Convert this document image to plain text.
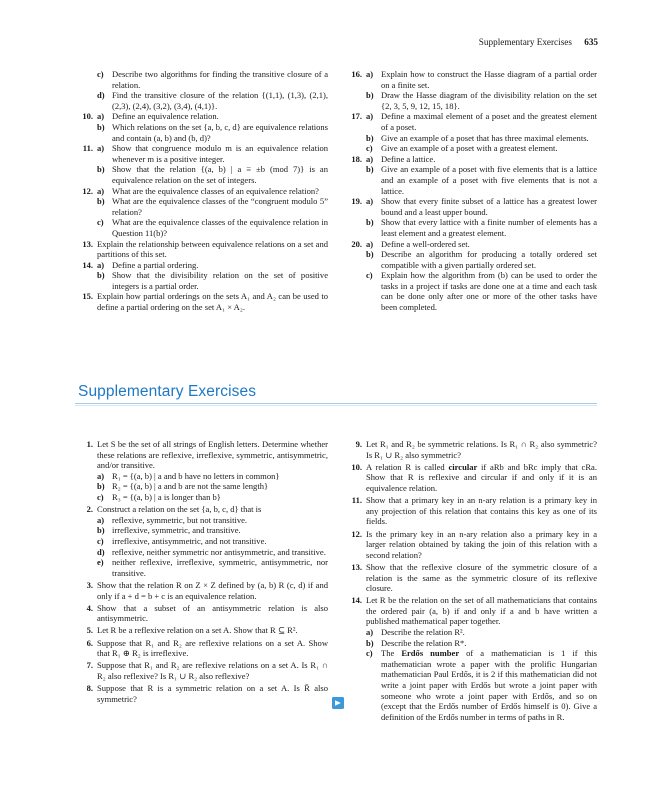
Supplementary Exercises 635
c) Describe two algorithms for finding the transitive closure of a relation.
d) Find the transitive closure of the relation {(1,1), (1,3), (2,1), (2,3), (2,4), (3,2), (3,4), (4,1)}.
10. a) Define an equivalence relation.
b) Which relations on the set {a, b, c, d} are equivalence relations and contain (a, b) and (b, d)?
11. a) Show that congruence modulo m is an equivalence relation whenever m is a positive integer.
b) Show that the relation {(a, b) | a ≡ ±b (mod 7)} is an equivalence relation on the set of integers.
12. a) What are the equivalence classes of an equivalence relation?
b) What are the equivalence classes of the “congruent modulo 5” relation?
c) What are the equivalence classes of the equivalence relation in Question 11(b)?
13. Explain the relationship between equivalence relations on a set and partitions of this set.
14. a) Define a partial ordering.
b) Show that the divisibility relation on the set of positive integers is a partial order.
15. Explain how partial orderings on the sets A₁ and A₂ can be used to define a partial ordering on the set A₁ × A₂.
16. a) Explain how to construct the Hasse diagram of a partial order on a finite set.
b) Draw the Hasse diagram of the divisibility relation on the set {2, 3, 5, 9, 12, 15, 18}.
17. a) Define a maximal element of a poset and the greatest element of a poset.
b) Give an example of a poset that has three maximal elements.
c) Give an example of a poset with a greatest element.
18. a) Define a lattice.
b) Give an example of a poset with five elements that is a lattice and an example of a poset with five elements that is not a lattice.
19. a) Show that every finite subset of a lattice has a greatest lower bound and a least upper bound.
b) Show that every lattice with a finite number of elements has a least element and a greatest element.
20. a) Define a well-ordered set.
b) Describe an algorithm for producing a totally ordered set compatible with a given partially ordered set.
c) Explain how the algorithm from (b) can be used to order the tasks in a project if tasks are done one at a time and each task can be done only after one or more of the other tasks have been completed.
Supplementary Exercises
1. Let S be the set of all strings of English letters. Determine whether these relations are reflexive, irreflexive, symmetric, antisymmetric, and/or transitive.
a) R₁ = {(a, b) | a and b have no letters in common}
b) R₂ = {(a, b) | a and b are not the same length}
c) R₃ = {(a, b) | a is longer than b}
2. Construct a relation on the set {a, b, c, d} that is
a) reflexive, symmetric, but not transitive.
b) irreflexive, symmetric, and transitive.
c) irreflexive, antisymmetric, and not transitive.
d) reflexive, neither symmetric nor antisymmetric, and transitive.
e) neither reflexive, irreflexive, symmetric, antisymmetric, nor transitive.
3. Show that the relation R on Z × Z defined by (a, b) R (c, d) if and only if a + d = b + c is an equivalence relation.
4. Show that a subset of an antisymmetric relation is also antisymmetric.
5. Let R be a reflexive relation on a set A. Show that R ⊆ R².
6. Suppose that R₁ and R₂ are reflexive relations on a set A. Show that R₁ ⊕ R₂ is irreflexive.
7. Suppose that R₁ and R₂ are reflexive relations on a set A. Is R₁ ∩ R₂ also reflexive? Is R₁ ∪ R₂ also reflexive?
8. Suppose that R is a symmetric relation on a set A. Is R̄ also symmetric?
9. Let R₁ and R₂ be symmetric relations. Is R₁ ∩ R₂ also symmetric? Is R₁ ∪ R₂ also symmetric?
10. A relation R is called circular if aRb and bRc imply that cRa. Show that R is reflexive and circular if and only if it is an equivalence relation.
11. Show that a primary key in an n-ary relation is a primary key in any projection of this relation that contains this key as one of its fields.
12. Is the primary key in an n-ary relation also a primary key in a larger relation obtained by taking the join of this relation with a second relation?
13. Show that the reflexive closure of the symmetric closure of a relation is the same as the symmetric closure of its reflexive closure.
14. Let R be the relation on the set of all mathematicians that contains the ordered pair (a, b) if and only if a and b have written a published mathematical paper together.
a) Describe the relation R².
b) Describe the relation R*.
c) The Erdős number of a mathematician is 1 if this mathematician wrote a paper with the prolific Hungarian mathematician Paul Erdős, it is 2 if this mathematician did not write a joint paper with Erdős but wrote a joint paper with someone who wrote a joint paper with Erdős, and so on (except that the Erdős number of Erdős himself is 0). Give a definition of the Erdős number in terms of paths in R.
